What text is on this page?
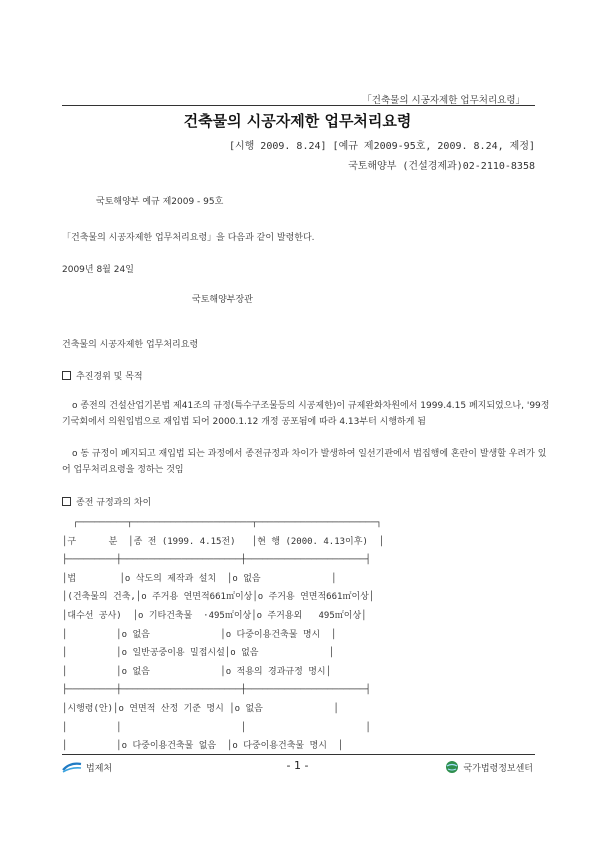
「건축물의 시공자제한 업무처리요령」
건축물의 시공자제한 업무처리요령
[시행 2009. 8.24] [예규 제2009-95호, 2009. 8.24, 제정]
국토해양부 (건설경제과)02-2110-8358
국토해양부 예규 제2009 - 95호
「건축물의 시공자제한 업무처리요령」을 다음과 같이 발령한다.
2009년 8월 24일
국토해양부장관
건축물의 시공자제한 업무처리요령
추진경위 및 목적
o 종전의 건설산업기본법 제41조의 규정(특수구조물등의 시공제한)이 규제완화차원에서 1999.4.15 폐지되었으나, '99정기국회에서 의원입법으로 재입법 되어 2000.1.12 개정 공포됨에 따라 4.13부터 시행하게 됨
o 동 규정이 폐지되고 재입법 되는 과정에서 종전규정과 차이가 발생하여 일선기관에서 법집행에 혼란이 발생할 우려가 있어 업무처리요령을 정하는 것임
종전 규정과의 차이
┌─────────┬──────────────────────┬──────────────────────┐
│구      분  │종 전 (1999. 4.15전)   │현 행 (2000. 4.13이후)  │
├─────────┼──────────────────────┼──────────────────────┤
│법        │o 삭도의 제작과 설치  │o 없음             │
│(건축물의 건축,│o 주거용 연면적661㎡이상│o 주거용 연면적661㎡이상│
│대수선 공사)  │o 기타건축물  ·495㎡이상│o 주거용외   495㎡이상│
│         │o 없음             │o 다중이용건축물 명시  │
│         │o 일반공중이용 밀접시설│o 없음             │
│         │o 없음             │o 적용의 경과규정 명시│
├─────────┼──────────────────────┼──────────────────────┤
│시행령(안)│o 연면적 산정 기준 명시 │o 없음             │
│         │                      │                      │
│         │o 다중이용건축물 없음  │o 다중이용건축물 명시  │
법제처	- 1 -	국가법령정보센터
